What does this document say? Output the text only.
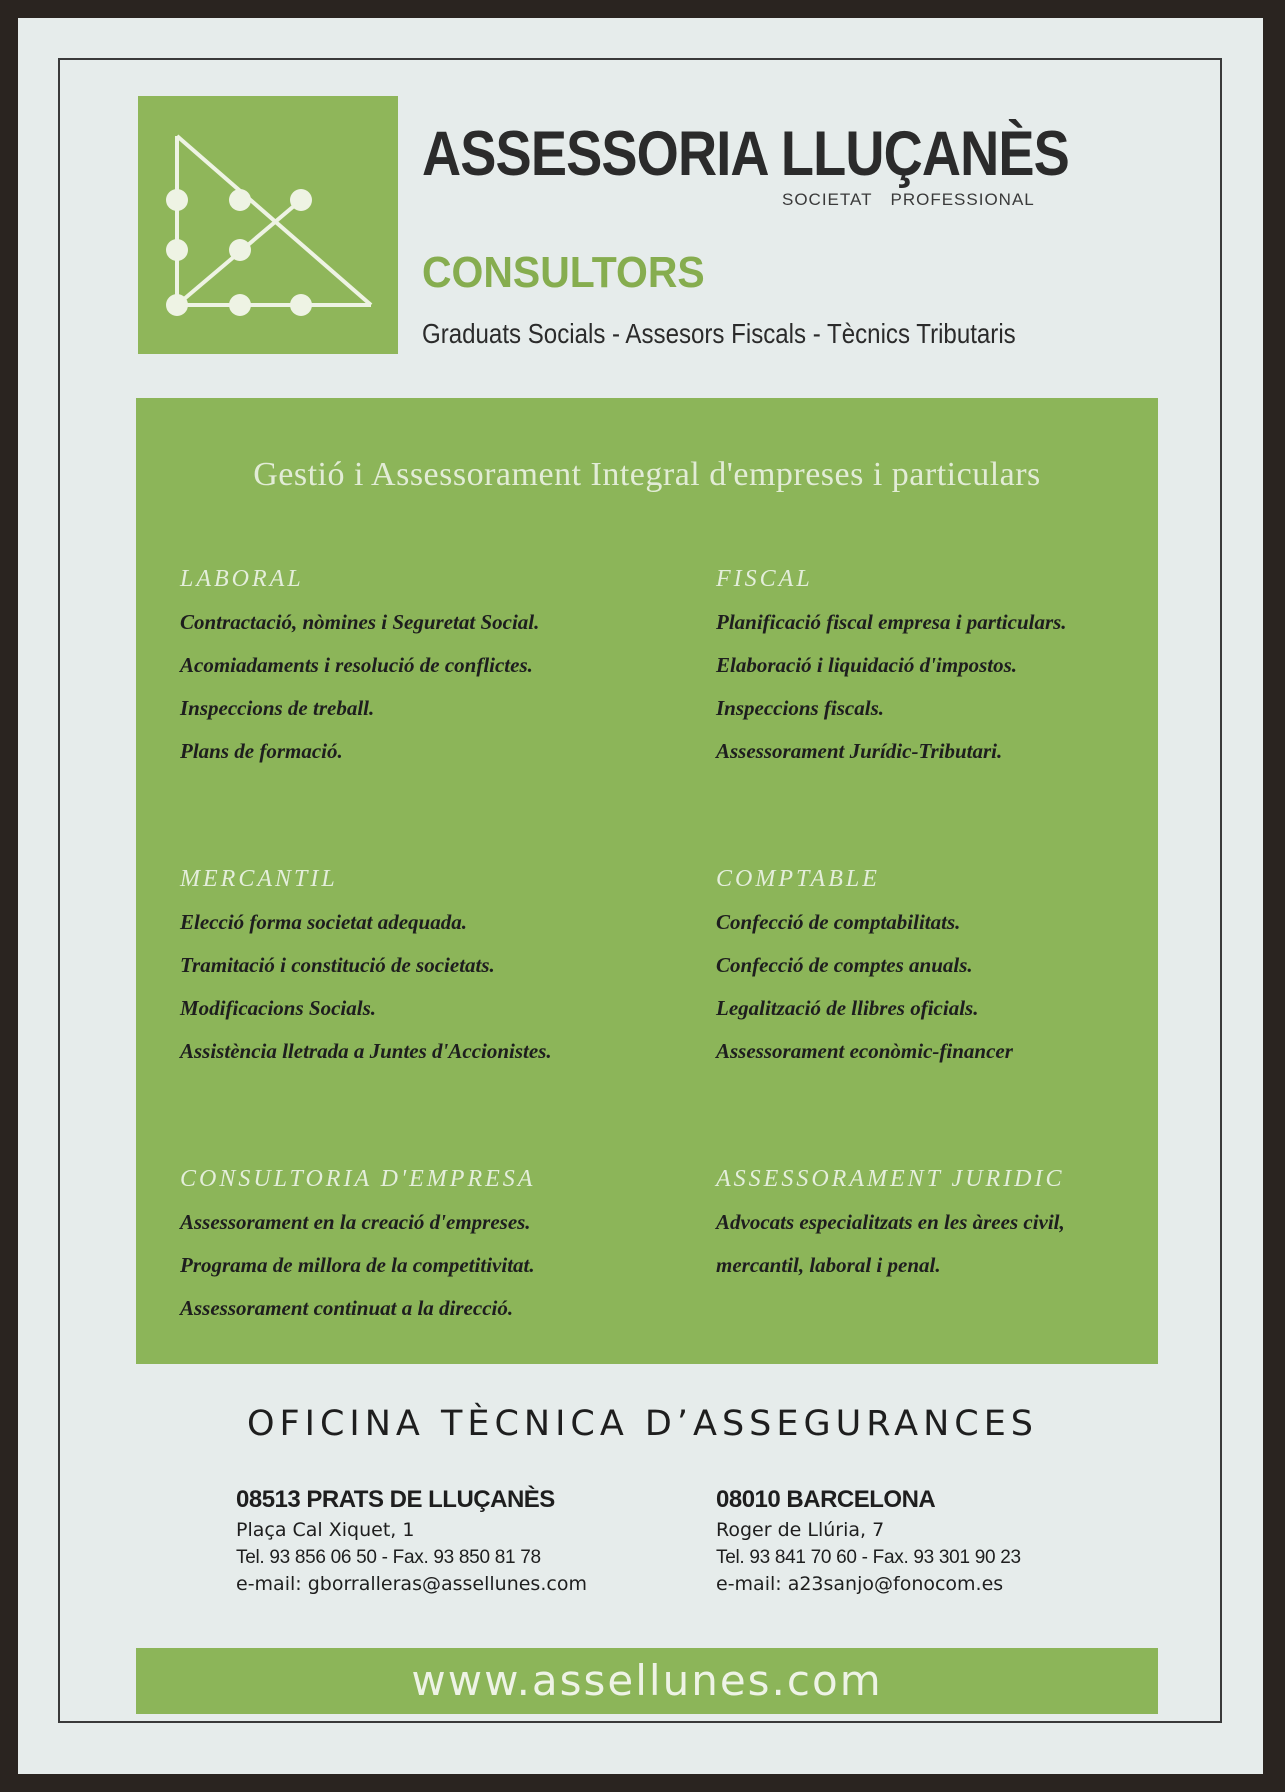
ASSESSORIA LLUÇANÈS
SOCIETAT PROFESSIONAL
CONSULTORS
Graduats Socials - Assesors Fiscals - Tècnics Tributaris
Gestió i Assessorament Integral d'empreses i particulars
LABORAL
Contractació, nòmines i Seguretat Social.
Acomiadaments i resolució de conflictes.
Inspeccions de treball.
Plans de formació.
FISCAL
Planificació fiscal empresa i particulars.
Elaboració i liquidació d'impostos.
Inspeccions fiscals.
Assessorament Jurídic-Tributari.
MERCANTIL
Elecció forma societat adequada.
Tramitació i constitució de societats.
Modificacions Socials.
Assistència lletrada a Juntes d'Accionistes.
COMPTABLE
Confecció de comptabilitats.
Confecció de comptes anuals.
Legalització de llibres oficials.
Assessorament econòmic-financer
CONSULTORIA D'EMPRESA
Assessorament en la creació d'empreses.
Programa de millora de la competitivitat.
Assessorament continuat a la direcció.
ASSESSORAMENT JURIDIC
Advocats especialitzats en les àrees civil,
mercantil, laboral i penal.
OFICINA TÈCNICA D’ASSEGURANCES
08513 PRATS DE LLUÇANÈS
Plaça Cal Xiquet, 1
Tel. 93 856 06 50 - Fax. 93 850 81 78
e-mail: gborralleras@assellunes.com
08010 BARCELONA
Roger de Llúria, 7
Tel. 93 841 70 60 - Fax. 93 301 90 23
e-mail: a23sanjo@fonocom.es
www.assellunes.com
